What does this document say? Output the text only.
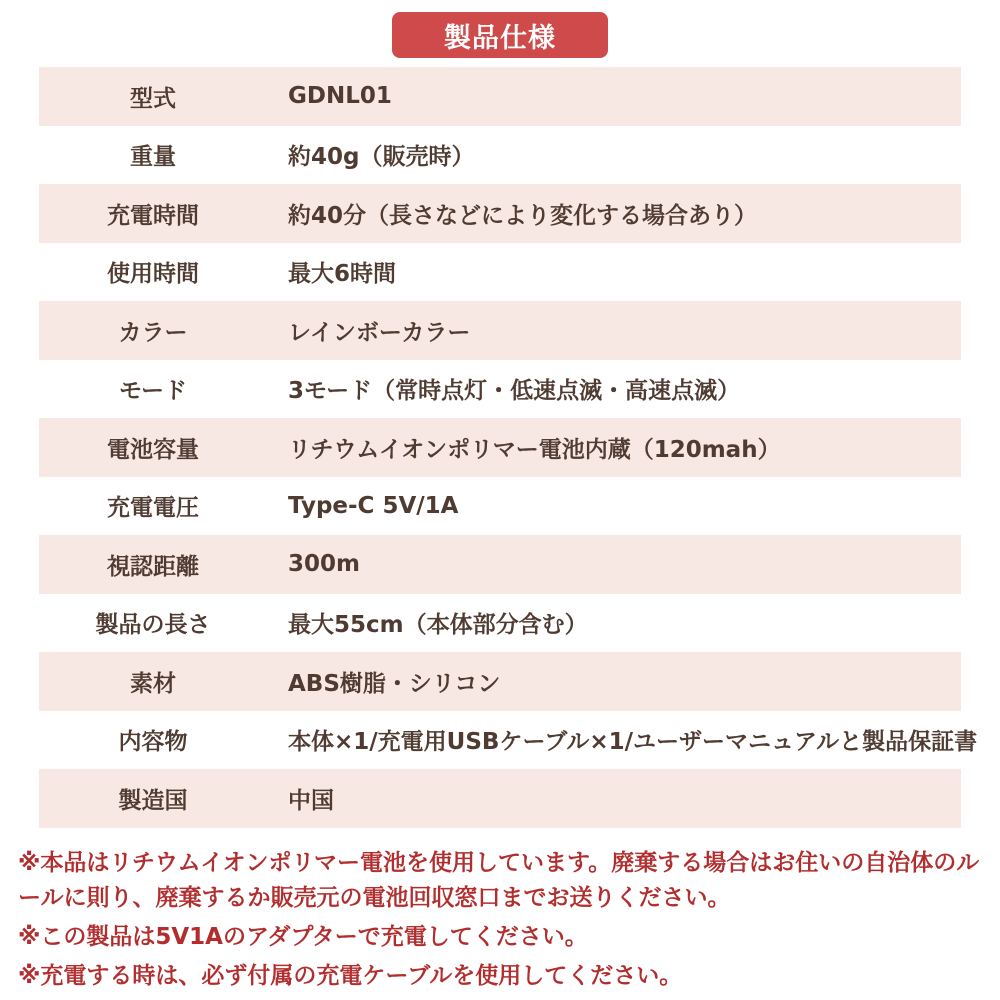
製品仕様
型式	GDNL01
重量	約40g（販売時）
充電時間	約40分（長さなどにより変化する場合あり）
使用時間	最大6時間
カラー	レインボーカラー
モード	3モード（常時点灯・低速点滅・高速点滅）
電池容量	リチウムイオンポリマー電池内蔵（120mah）
充電電圧	Type-C 5V/1A
視認距離	300m
製品の長さ	最大55cm（本体部分含む）
素材	ABS樹脂・シリコン
内容物	本体×1/充電用USBケーブル×1/ユーザーマニュアルと製品保証書
製造国	中国

※本品はリチウムイオンポリマー電池を使用しています。廃棄する場合はお住いの自治体のルールに則り、廃棄するか販売元の電池回収窓口までお送りください。

※この製品は5V1Aのアダプターで充電してください。

※充電する時は、必ず付属の充電ケーブルを使用してください。
